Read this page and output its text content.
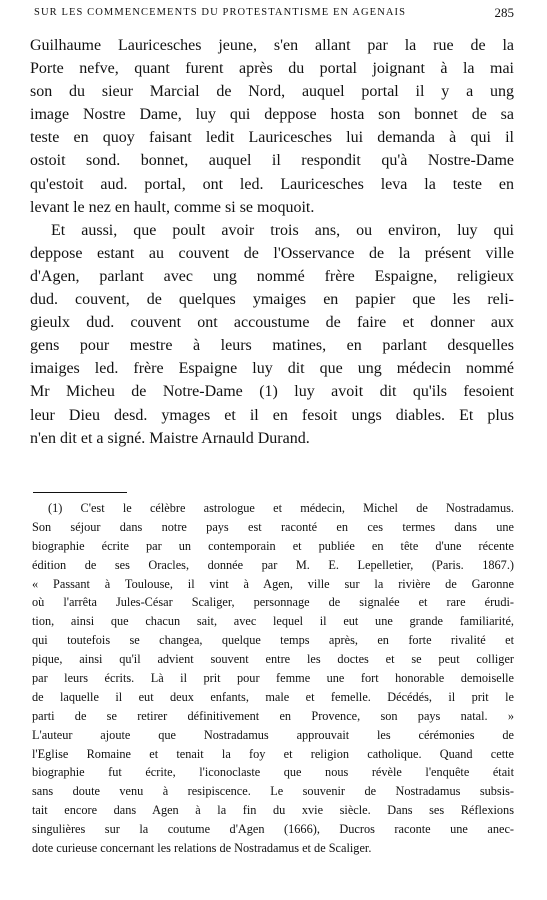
SUR LES COMMENCEMENTS DU PROTESTANTISME EN AGENAIS	285
Guilhaume Lauricesches jeune, s'en allant par la rue de la
Porte nefve, quant furent après du portal joignant à la mai
son du sieur Marcial de Nord, auquel portal il y a ung
image Nostre Dame, luy qui deppose hosta son bonnet de sa
teste en quoy faisant ledit Lauricesches lui demanda à qui il
ostoit sond. bonnet, auquel il respondit qu'à Nostre-Dame
qu'estoit aud. portal, ont led. Lauricesches leva la teste en
levant le nez en hault, comme si se moquoit.
Et aussi, que poult avoir trois ans, ou environ, luy qui
deppose estant au couvent de l'Osservance de la présent ville
d'Agen, parlant avec ung nommé frère Espaigne, religieux
dud. couvent, de quelques ymaiges en papier que les reli-
gieulx dud. couvent ont accoustume de faire et donner aux
gens pour mestre à leurs matines, en parlant desquelles
imaiges led. frère Espaigne luy dit que ung médecin nommé
Mr Micheu de Notre-Dame (1) luy avoit dit qu'ils fesoient
leur Dieu desd. ymages et il en fesoit ungs diables. Et plus
n'en dit et a signé. Maistre Arnauld Durand.
(1) C'est le célèbre astrologue et médecin, Michel de Nostradamus.
Son séjour dans notre pays est raconté en ces termes dans une
biographie écrite par un contemporain et publiée en tête d'une récente
édition de ses Oracles, donnée par M. E. Lepelletier, (Paris. 1867.)
« Passant à Toulouse, il vint à Agen, ville sur la rivière de Garonne
où l'arrêta Jules-César Scaliger, personnage de signalée et rare érudi-
tion, ainsi que chacun sait, avec lequel il eut une grande familiarité,
qui toutefois se changea, quelque temps après, en forte rivalité et
pique, ainsi qu'il advient souvent entre les doctes et se peut colliger
par leurs écrits. Là il prit pour femme une fort honorable demoiselle
de laquelle il eut deux enfants, male et femelle. Décédés, il prit le
parti de se retirer définitivement en Provence, son pays natal. »
L'auteur ajoute que Nostradamus approuvait les cérémonies de
l'Eglise Romaine et tenait la foy et religion catholique. Quand cette
biographie fut écrite, l'iconoclaste que nous révèle l'enquête était
sans doute venu à resipiscence. Le souvenir de Nostradamus subsis-
tait encore dans Agen à la fin du xvie siècle. Dans ses Réflexions
singulières sur la coutume d'Agen (1666), Ducros raconte une anec-
dote curieuse concernant les relations de Nostradamus et de Scaliger.
